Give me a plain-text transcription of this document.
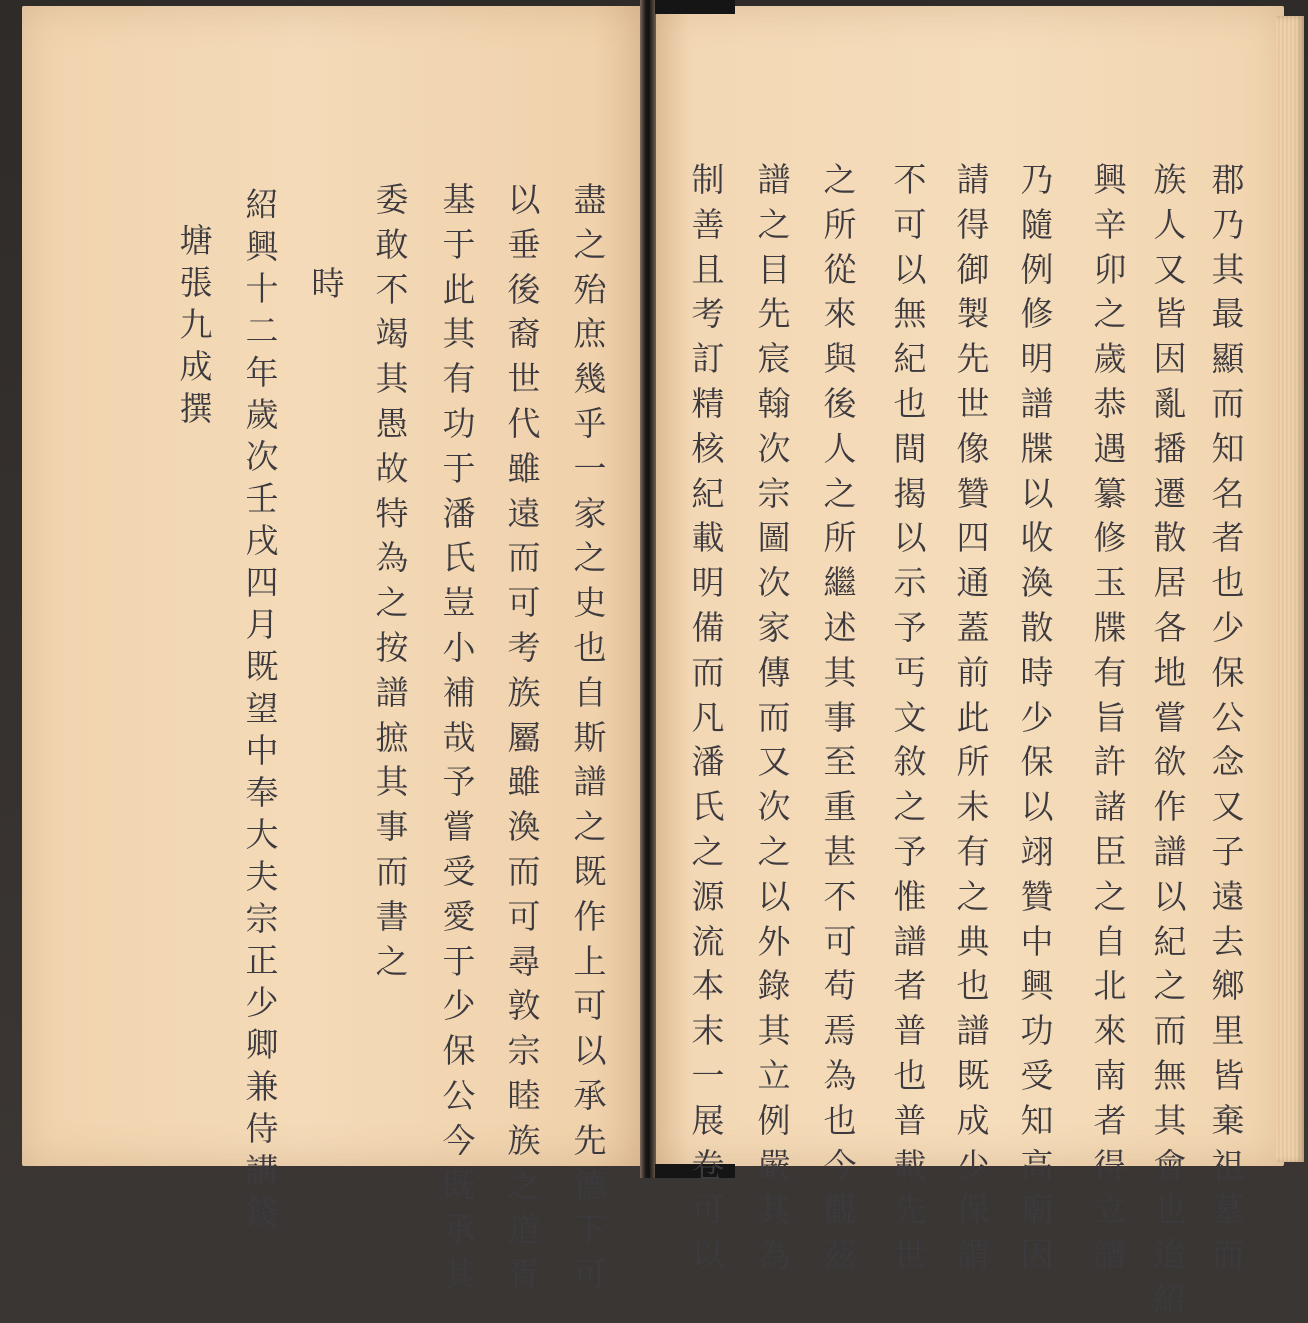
郡
乃
其
最
顯
而
知
名
者
也
少
保
公
念
又
子
遠
去
鄉
里
皆
棄
祖
墓
而
族
人
又
皆
因
亂
播
遷
散
居
各
地
嘗
欲
作
譜
以
紀
之
而
無
其
會
也
迨
紹
興
辛
卯
之
歲
恭
遇
纂
修
玉
牒
有
旨
許
諸
臣
之
自
北
來
南
者
得
立
譜
乃
隨
例
修
明
譜
牒
以
收
渙
散
時
少
保
以
翊
贊
中
興
功
受
知
高
廟
因
請
得
御
製
先
世
像
贊
四
通
蓋
前
此
所
未
有
之
典
也
譜
既
成
少
保
謂
不
可
以
無
紀
也
間
揭
以
示
予
丐
文
敘
之
予
惟
譜
者
普
也
普
載
先
世
之
所
從
來
與
後
人
之
所
繼
述
其
事
至
重
甚
不
可
苟
焉
為
也
今
觀
茲
譜
之
目
先
宸
翰
次
宗
圖
次
家
傳
而
又
次
之
以
外
錄
其
立
例
嚴
其
為
制
善
且
考
訂
精
核
紀
載
明
備
而
凡
潘
氏
之
源
流
本
末
一
展
卷
可
以
盡
之
殆
庶
幾
乎
一
家
之
史
也
自
斯
譜
之
既
作
上
可
以
承
先
德
下
可
以
垂
後
裔
世
代
雖
遠
而
可
考
族
屬
雖
渙
而
可
尋
敦
宗
睦
族
之
道
胥
基
于
此
其
有
功
于
潘
氏
豈
小
補
哉
予
嘗
受
愛
于
少
保
公
今
既
承
其
委
敢
不
竭
其
愚
故
特
為
之
按
譜
摭
其
事
而
書
之
時
紹
興
十
二
年
歲
次
壬
戌
四
月
既
望
中
奉
大
夫
宗
正
少
卿
兼
侍
講
錢
塘
張
九
成
撰
